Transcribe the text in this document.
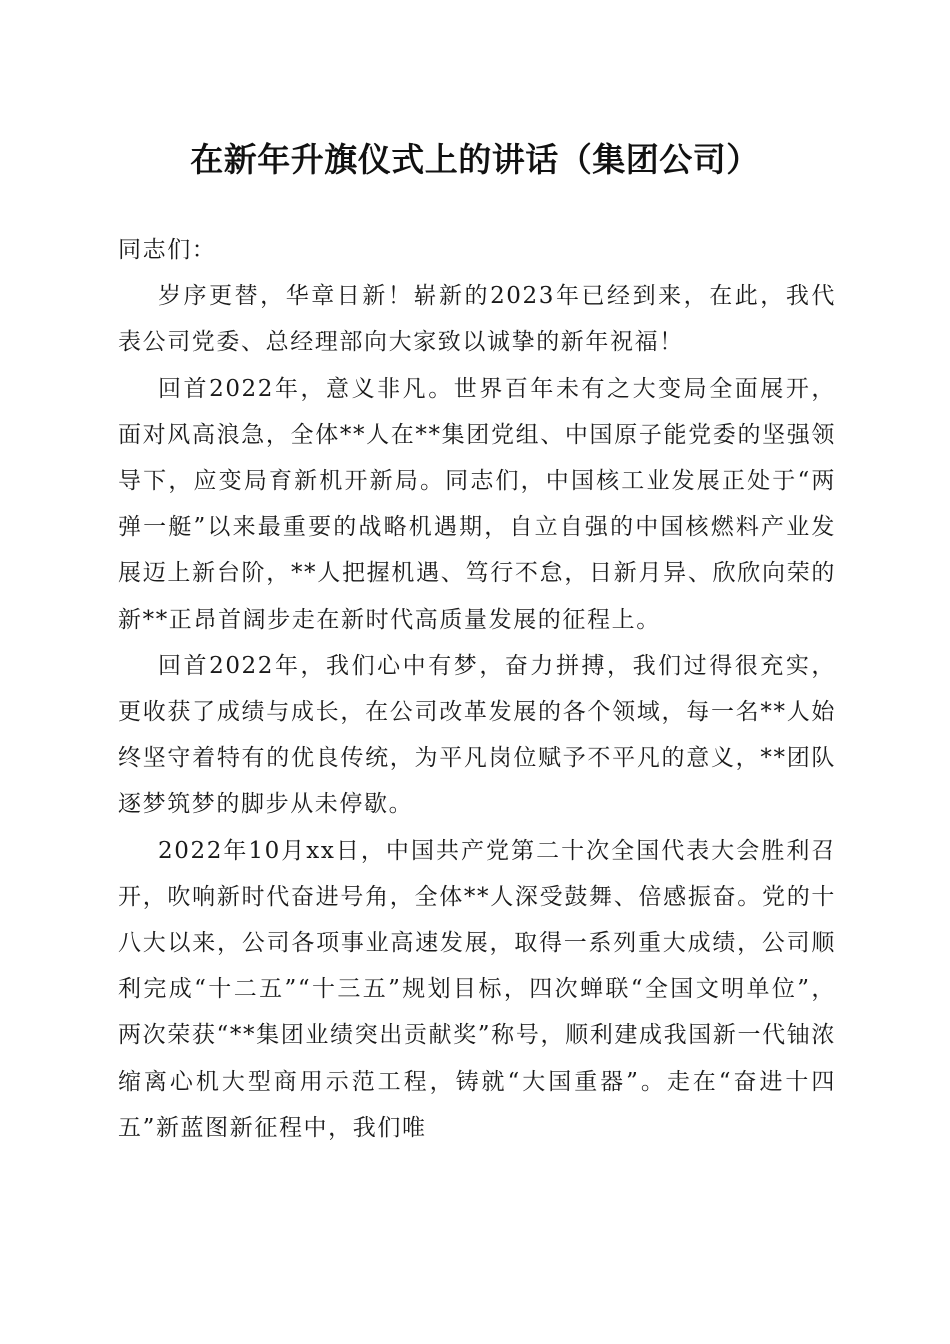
在新年升旗仪式上的讲话（集团公司）

同志们：

岁序更替，华章日新！崭新的2023年已经到来，在此，我代表公司党委、总经理部向大家致以诚挚的新年祝福！

回首2022年，意义非凡。世界百年未有之大变局全面展开，面对风高浪急，全体**人在**集团党组、中国原子能党委的坚强领导下，应变局育新机开新局。同志们，中国核工业发展正处于“两弹一艇”以来最重要的战略机遇期，自立自强的中国核燃料产业发展迈上新台阶，**人把握机遇、笃行不怠，日新月异、欣欣向荣的新**正昂首阔步走在新时代高质量发展的征程上。

回首2022年，我们心中有梦，奋力拼搏，我们过得很充实，更收获了成绩与成长，在公司改革发展的各个领域，每一名**人始终坚守着特有的优良传统，为平凡岗位赋予不平凡的意义，**团队逐梦筑梦的脚步从未停歇。

2022年10月xx日，中国共产党第二十次全国代表大会胜利召开，吹响新时代奋进号角，全体**人深受鼓舞、倍感振奋。党的十八大以来，公司各项事业高速发展，取得一系列重大成绩，公司顺利完成“十二五”“十三五”规划目标，四次蝉联“全国文明单位”，两次荣获“**集团业绩突出贡献奖”称号，顺利建成我国新一代铀浓缩离心机大型商用示范工程，铸就“大国重器”。走在“奋进十四五”新蓝图新征程中，我们唯
